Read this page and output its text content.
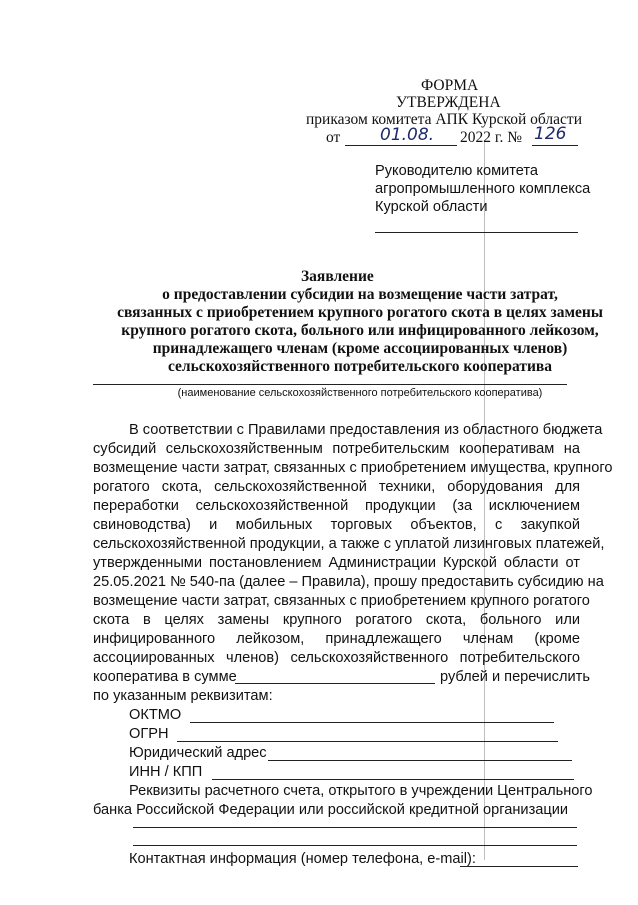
ФОРМА
УТВЕРЖДЕНА
приказом комитета АПК Курской области
от 01.08. 2022 г. № 126
Руководителю комитета
агропромышленного комплекса
Курской области
Заявление
о предоставлении субсидии на возмещение части затрат,
связанных с приобретением крупного рогатого скота в целях замены
крупного рогатого скота, больного или инфицированного лейкозом,
принадлежащего членам (кроме ассоциированных членов)
сельскохозяйственного потребительского кооператива
(наименование сельскохозяйственного потребительского кооператива)
В соответствии с Правилами предоставления из областного бюджета
субсидий сельскохозяйственным потребительским кооперативам на
возмещение части затрат, связанных с приобретением имущества, крупного
рогатого скота, сельскохозяйственной техники, оборудования для
переработки сельскохозяйственной продукции (за исключением
свиноводства) и мобильных торговых объектов, с закупкой
сельскохозяйственной продукции, а также с уплатой лизинговых платежей,
утвержденными постановлением Администрации Курской области от
25.05.2021 № 540-па (далее – Правила), прошу предоставить субсидию на
возмещение части затрат, связанных с приобретением крупного рогатого
скота в целях замены крупного рогатого скота, больного или
инфицированного лейкозом, принадлежащего членам (кроме
ассоциированных членов) сельскохозяйственного потребительского
кооператива в сумме	рублей и перечислить
по указанным реквизитам:
ОКТМО
ОГРН
Юридический адрес
ИНН / КПП
Реквизиты расчетного счета, открытого в учреждении Центрального
банка Российской Федерации или российской кредитной организации
Контактная информация (номер телефона, e-mail):
